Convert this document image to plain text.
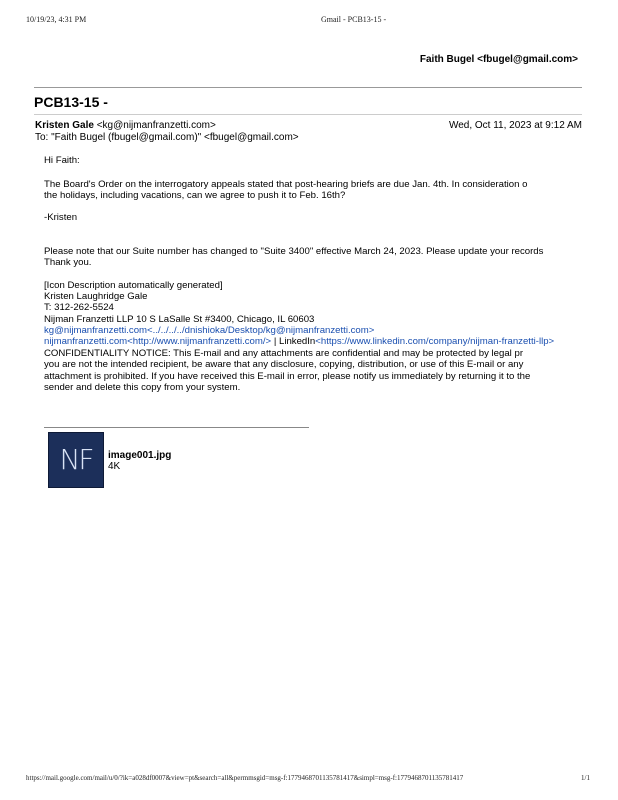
10/19/23, 4:31 PM	Gmail - PCB13-15 -
Faith Bugel <fbugel@gmail.com>
PCB13-15 -
Kristen Gale <kg@nijmanfranzetti.com>	Wed, Oct 11, 2023 at 9:12 AM
To: "Faith Bugel (fbugel@gmail.com)" <fbugel@gmail.com>
Hi Faith:
The Board's Order on the interrogatory appeals stated that post-hearing briefs are due Jan. 4th. In consideration o
the holidays, including vacations, can we agree to push it to Feb. 16th?
-Kristen
Please note that our Suite number has changed to "Suite 3400" effective March 24, 2023. Please update your records
Thank you.
[Icon Description automatically generated]
Kristen Laughridge Gale
T: 312-262-5524
Nijman Franzetti LLP 10 S LaSalle St #3400, Chicago, IL 60603
kg@nijmanfranzetti.com<../../../../dnishioka/Desktop/kg@nijmanfranzetti.com>
nijmanfranzetti.com<http://www.nijmanfranzetti.com/> | LinkedIn<https://www.linkedin.com/company/nijman-franzetti-llp>
CONFIDENTIALITY NOTICE: This E-mail and any attachments are confidential and may be protected by legal pr
you are not the intended recipient, be aware that any disclosure, copying, distribution, or use of this E-mail or any
attachment is prohibited. If you have received this E-mail in error, please notify us immediately by returning it to the
sender and delete this copy from your system.
NF	image001.jpg
4K
https://mail.google.com/mail/u/0/?ik=a028df0007&view=pt&search=all&permmsgid=msg-f:1779468701135781417&simpl=msg-f:1779468701135781417	1/1
